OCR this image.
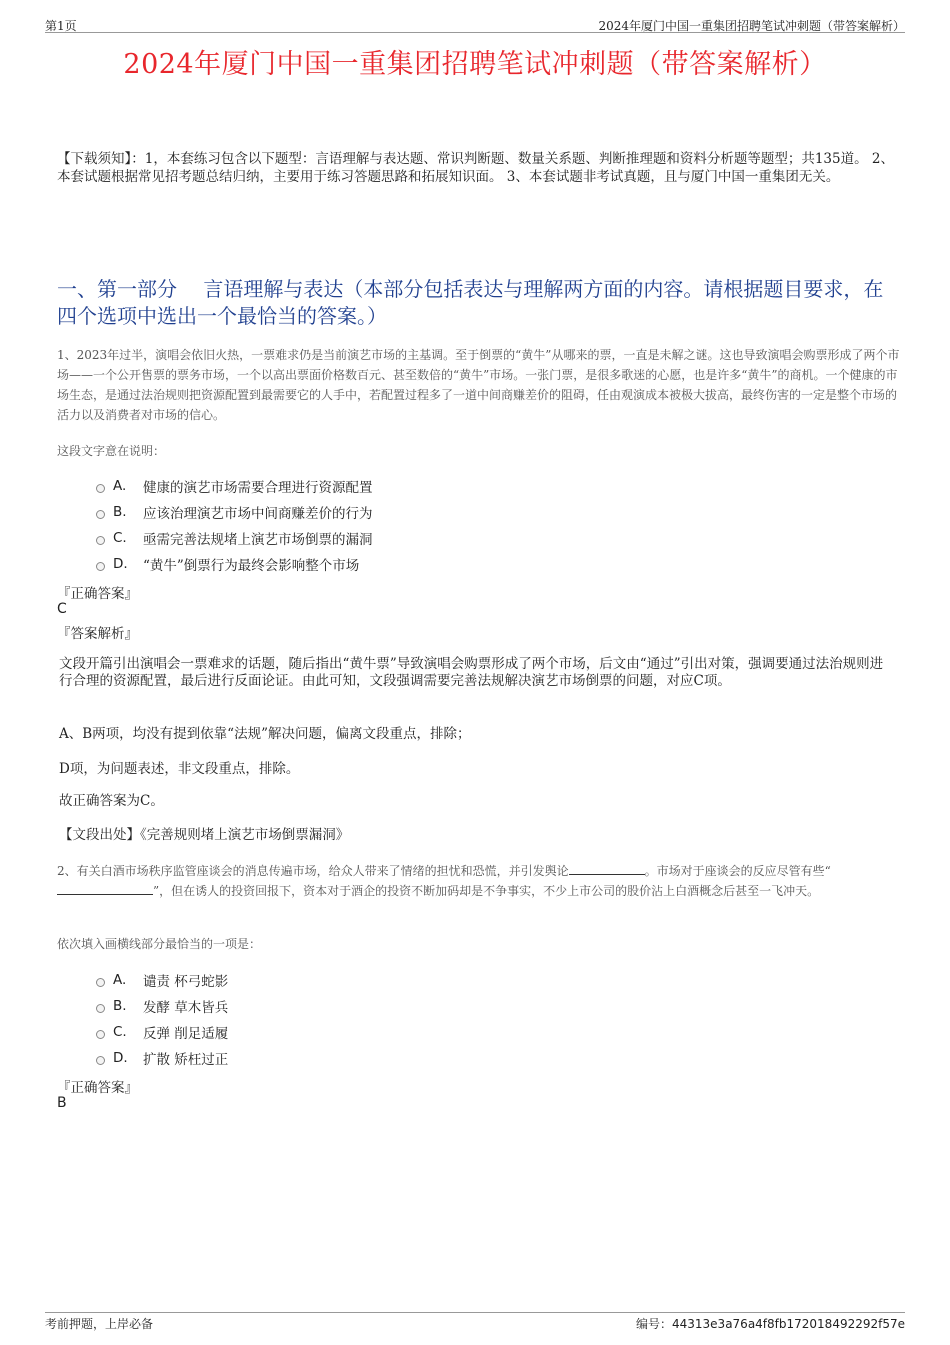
第1页	2024年厦门中国一重集团招聘笔试冲刺题（带答案解析）
2024年厦门中国一重集团招聘笔试冲刺题（带答案解析）
【下载须知】：1，本套练习包含以下题型：言语理解与表达题、常识判断题、数量关系题、判断推理题和资料分析题等题型；共135道。 2、本套试题根据常见招考题总结归纳，主要用于练习答题思路和拓展知识面。 3、本套试题非考试真题，且与厦门中国一重集团无关。
一、第一部分　 言语理解与表达（本部分包括表达与理解两方面的内容。请根据题目要求，在四个选项中选出一个最恰当的答案。）
1、2023年过半，演唱会依旧火热，一票难求仍是当前演艺市场的主基调。至于倒票的“黄牛”从哪来的票，一直是未解之谜。这也导致演唱会购票形成了两个市场——一个公开售票的票务市场，一个以高出票面价格数百元、甚至数倍的“黄牛”市场。一张门票，是很多歌迷的心愿，也是许多“黄牛”的商机。一个健康的市场生态，是通过法治规则把资源配置到最需要它的人手中，若配置过程多了一道中间商赚差价的阻碍，任由观演成本被极大拔高，最终伤害的一定是整个市场的活力以及消费者对市场的信心。
这段文字意在说明：
A.	健康的演艺市场需要合理进行资源配置
B.	应该治理演艺市场中间商赚差价的行为
C.	亟需完善法规堵上演艺市场倒票的漏洞
D.	“黄牛”倒票行为最终会影响整个市场
『正确答案』
C
『答案解析』
文段开篇引出演唱会一票难求的话题，随后指出“黄牛票”导致演唱会购票形成了两个市场，后文由“通过”引出对策，强调要通过法治规则进行合理的资源配置，最后进行反面论证。由此可知，文段强调需要完善法规解决演艺市场倒票的问题，对应C项。
A、B两项，均没有提到依靠“法规”解决问题，偏离文段重点，排除；
D项，为问题表述，非文段重点，排除。
故正确答案为C。
【文段出处】《完善规则堵上演艺市场倒票漏洞》
2、有关白酒市场秩序监管座谈会的消息传遍市场，给众人带来了情绪的担忧和恐慌，并引发舆论	。市场对于座谈会的反应尽管有些“”，但在诱人的投资回报下，资本对于酒企的投资不断加码却是不争事实，不少上市公司的股价沾上白酒概念后甚至一飞冲天。
依次填入画横线部分最恰当的一项是：
A.	谴责 杯弓蛇影
B.	发酵 草木皆兵
C.	反弹 削足适履
D.	扩散 矫枉过正
『正确答案』
B
考前押题，上岸必备	编号：44313e3a76a4f8fb172018492292f57e
